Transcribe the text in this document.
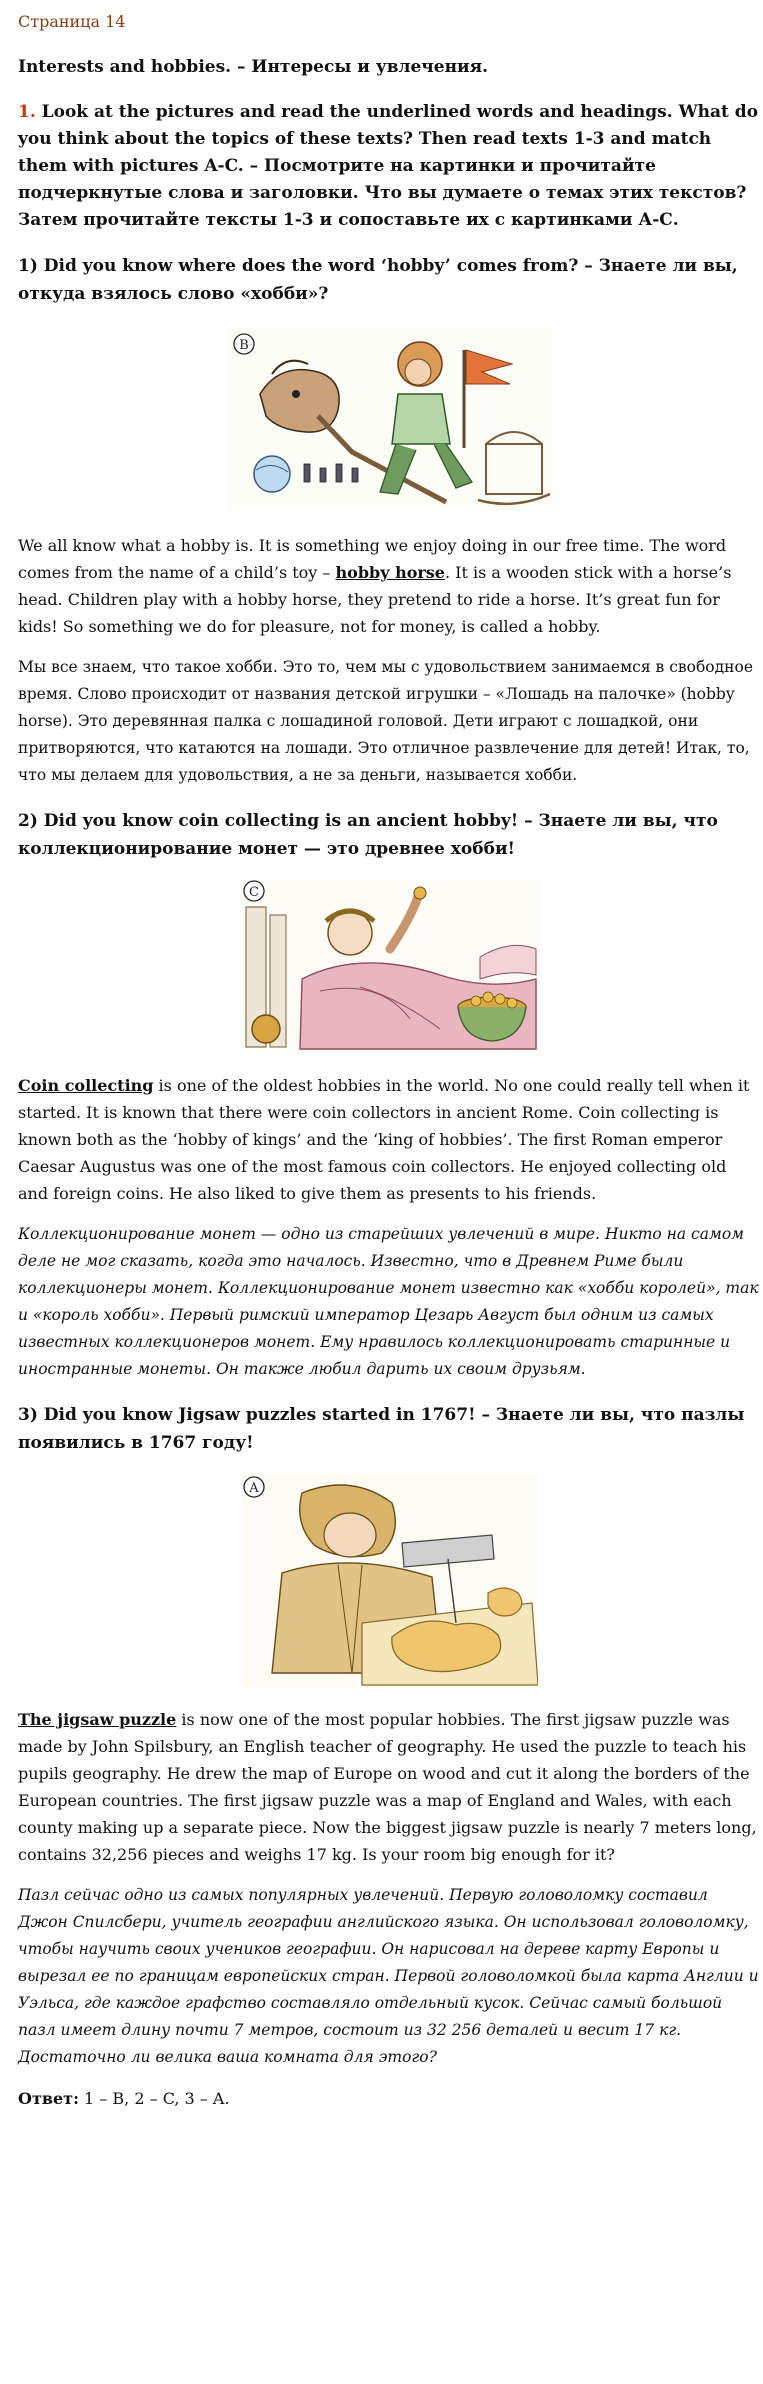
Страница 14
Interests and hobbies. – Интересы и увлечения.
1. Look at the pictures and read the underlined words and headings. What do you think about the topics of these texts? Then read texts 1-3 and match them with pictures A-C. – Посмотрите на картинки и прочитайте подчеркнутые слова и заголовки. Что вы думаете о темах этих текстов? Затем прочитайте тексты 1-3 и сопоставьте их с картинками А-С.
1) Did you know where does the word ‘hobby’ comes from? – Знаете ли вы, откуда взялось слово «хобби»?
B
We all know what a hobby is. It is something we enjoy doing in our free time. The word comes from the name of a child’s toy – hobby horse. It is a wooden stick with a horse’s head. Children play with a hobby horse, they pretend to ride a horse. It’s great fun for kids! So something we do for pleasure, not for money, is called a hobby.
Мы все знаем, что такое хобби. Это то, чем мы с удовольствием занимаемся в свободное время. Слово происходит от названия детской игрушки – «Лошадь на палочке» (hobby horse). Это деревянная палка с лошадиной головой. Дети играют с лошадкой, они притворяются, что катаются на лошади. Это отличное развлечение для детей! Итак, то, что мы делаем для удовольствия, а не за деньги, называется хобби.
2) Did you know coin collecting is an ancient hobby! – Знаете ли вы, что коллекционирование монет — это древнее хобби!
C
Coin collecting is one of the oldest hobbies in the world. No one could really tell when it started. It is known that there were coin collectors in ancient Rome. Coin collecting is known both as the ‘hobby of kings’ and the ‘king of hobbies’. The first Roman emperor Caesar Augustus was one of the most famous coin collectors. He enjoyed collecting old and foreign coins. He also liked to give them as presents to his friends.
Коллекционирование монет — одно из старейших увлечений в мире. Никто на самом деле не мог сказать, когда это началось. Известно, что в Древнем Риме были коллекционеры монет. Коллекционирование монет известно как «хобби королей», так и «король хобби». Первый римский император Цезарь Август был одним из самых известных коллекционеров монет. Ему нравилось коллекционировать старинные и иностранные монеты. Он также любил дарить их своим друзьям.
3) Did you know Jigsaw puzzles started in 1767! – Знаете ли вы, что пазлы появились в 1767 году!
A
The jigsaw puzzle is now one of the most popular hobbies. The first jigsaw puzzle was made by John Spilsbury, an English teacher of geography. He used the puzzle to teach his pupils geography. He drew the map of Europe on wood and cut it along the borders of the European countries. The first jigsaw puzzle was a map of England and Wales, with each county making up a separate piece. Now the biggest jigsaw puzzle is nearly 7 meters long, contains 32,256 pieces and weighs 17 kg. Is your room big enough for it?
Пазл сейчас одно из самых популярных увлечений. Первую головоломку составил Джон Спилсбери, учитель географии английского языка. Он использовал головоломку, чтобы научить своих учеников географии. Он нарисовал на дереве карту Европы и вырезал ее по границам европейских стран. Первой головоломкой была карта Англии и Уэльса, где каждое графство составляло отдельный кусок. Сейчас самый большой пазл имеет длину почти 7 метров, состоит из 32 256 деталей и весит 17 кг. Достаточно ли велика ваша комната для этого?
Ответ: 1 – B, 2 – C, 3 – A.
